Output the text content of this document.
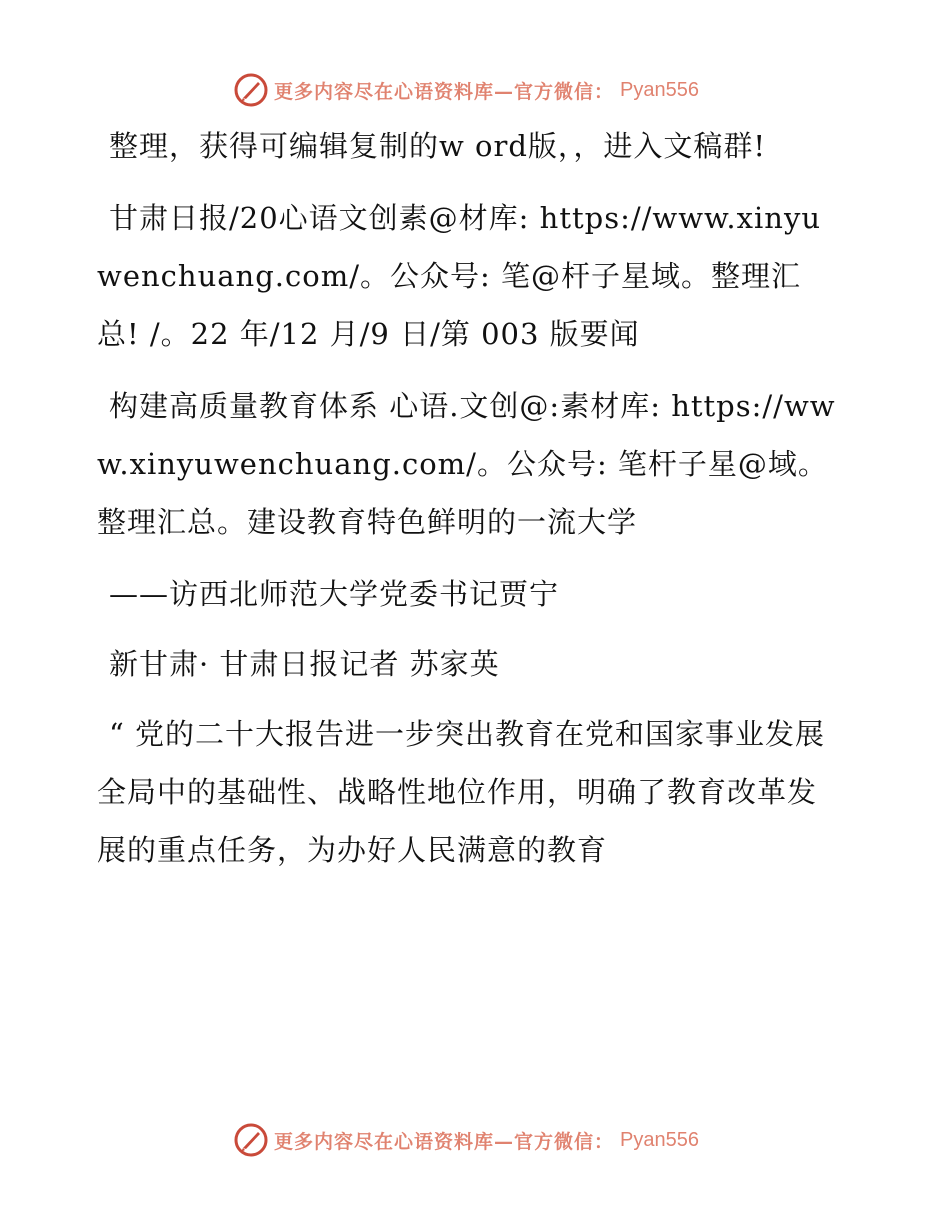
更多内容尽在心语资料库—官方微信： Pyan556

整理，获得可编辑复制的w ord版，，进入文稿群!

甘肃日报/20心语文创素@材库: https://www.xinyuwenchuang.com/。公众号: 笔@杆子星域。整理汇总! /。22 年/12 月/9 日/第 003 版要闻

构建高质量教育体系 心语.文创@:素材库: https://www.xinyuwenchuang.com/。公众号: 笔杆子星@域。整理汇总。建设教育特色鲜明的一流大学

——访西北师范大学党委书记贾宁

新甘肃· 甘肃日报记者 苏家英

“ 党的二十大报告进一步突出教育在党和国家事业发展全局中的基础性、战略性地位作用，明确了教育改革发展的重点任务，为办好人民满意的教育

更多内容尽在心语资料库—官方微信： Pyan556
